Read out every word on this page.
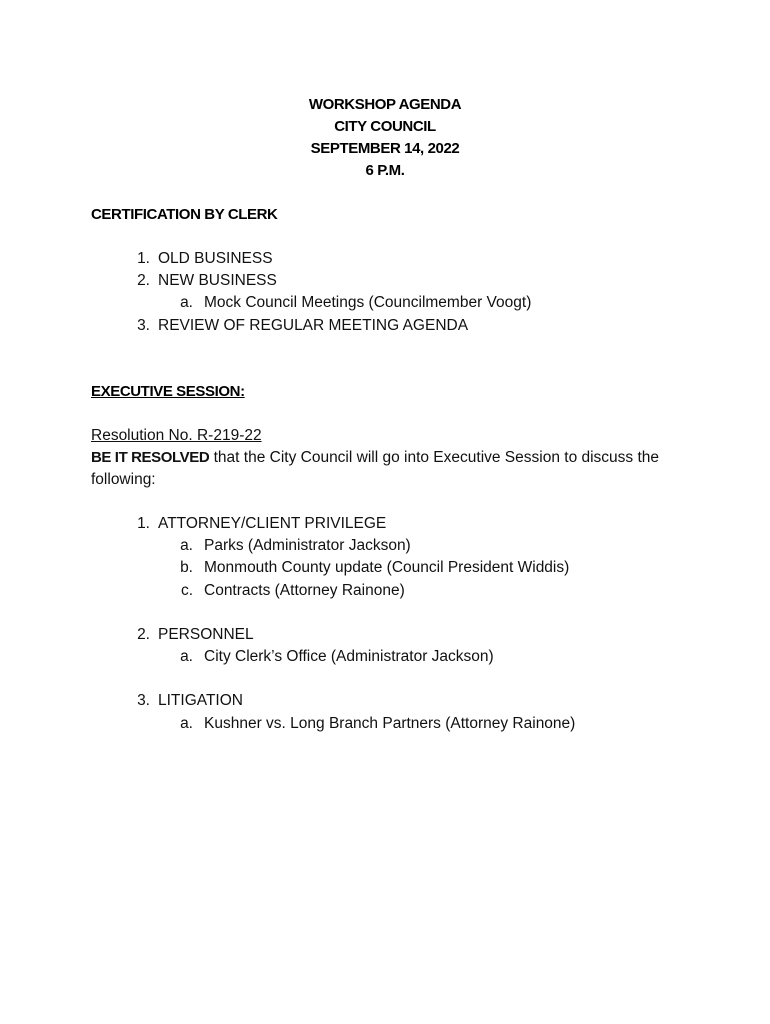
WORKSHOP AGENDA
CITY COUNCIL
SEPTEMBER 14, 2022
6 P.M.
CERTIFICATION BY CLERK
1. OLD BUSINESS
2. NEW BUSINESS
a. Mock Council Meetings (Councilmember Voogt)
3. REVIEW OF REGULAR MEETING AGENDA
EXECUTIVE SESSION:
Resolution No. R-219-22
BE IT RESOLVED that the City Council will go into Executive Session to discuss the following:
1. ATTORNEY/CLIENT PRIVILEGE
a. Parks (Administrator Jackson)
b. Monmouth County update (Council President Widdis)
c. Contracts (Attorney Rainone)
2. PERSONNEL
a. City Clerk’s Office (Administrator Jackson)
3. LITIGATION
a. Kushner vs. Long Branch Partners (Attorney Rainone)
